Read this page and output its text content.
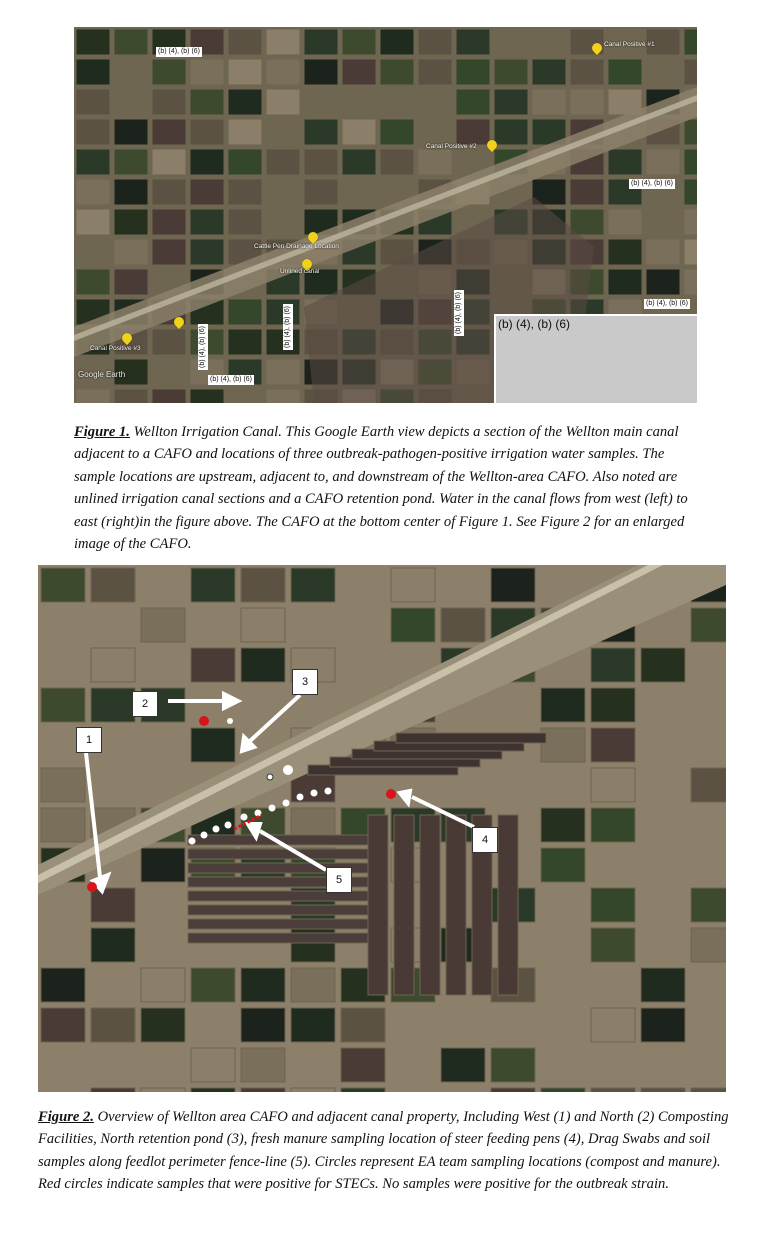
(b) (4), (b) (6)
(b) (4), (b) (6)
(b) (4), (b) (6)
(b) (4), (b) (6)	(b) (4), (b) (6)	(b) (4), (b) (6)
(b) (4), (b) (6)
(b) (4), (b) (6)
Canal Positive #1
Canal Positive #2
Cattle Pen Drainage Location
Unlined canal
Canal Positive #3
Google Earth
Figure 1. Wellton Irrigation Canal. This Google Earth view depicts a section of the Wellton main canal adjacent to a CAFO and locations of three outbreak-pathogen-positive irrigation water samples. The sample locations are upstream, adjacent to, and downstream of the Wellton-area CAFO. Also noted are unlined irrigation canal sections and a CAFO retention pond. Water in the canal flows from west (left) to east (right)in the figure above. The CAFO at the bottom center of Figure 1. See Figure 2 for an enlarged image of the CAFO.
1
2
3
4
5
Figure 2. Overview of Wellton area CAFO and adjacent canal property, Including West (1) and North (2) Composting Facilities, North retention pond (3), fresh manure sampling location of steer feeding pens (4), Drag Swabs and soil samples along feedlot perimeter fence-line (5). Circles represent EA team sampling locations (compost and manure). Red circles indicate samples that were positive for STECs. No samples were positive for the outbreak strain.
